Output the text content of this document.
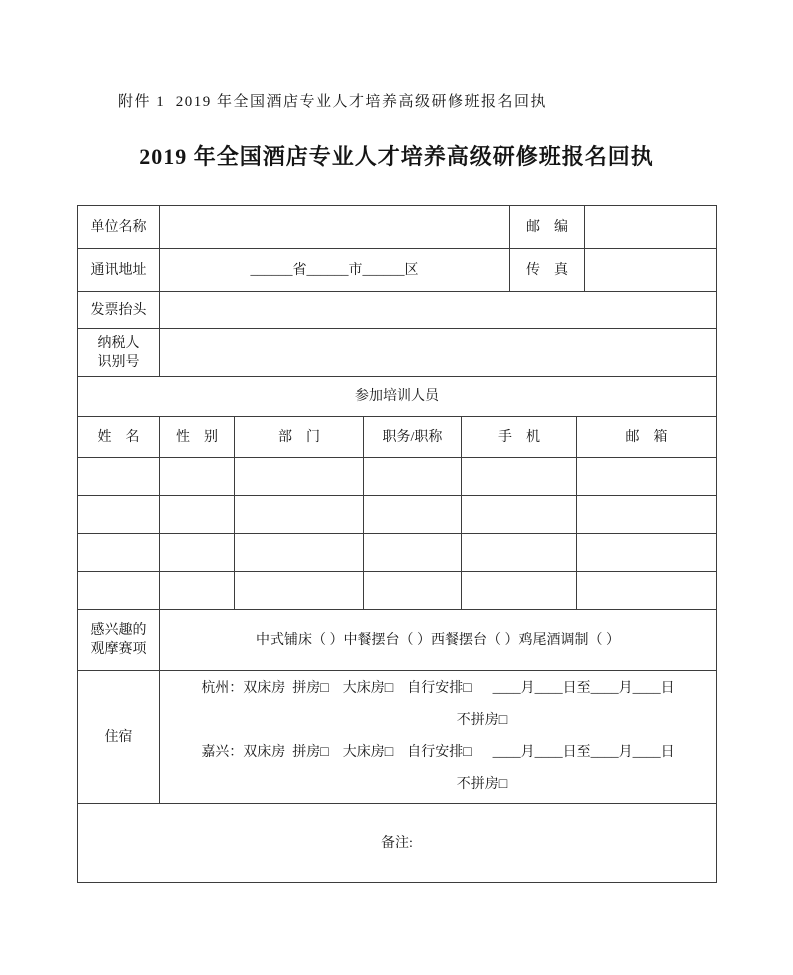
附件 1  2019 年全国酒店专业人才培养高级研修班报名回执
2019 年全国酒店专业人才培养高级研修班报名回执
单位名称					邮　编		
通讯地址	______省______市______区				传　真		
发票抬头							
纳税人
识别号							
参加培训人员							
姓　名	性　别	部　门	职务/职称	手　机		邮　箱	

感兴趣的
观摩赛项	中式铺床（ ）中餐摆台（ ）西餐摆台（ ）鸡尾酒调制（ ）						
住宿	杭州：双床房  拼房□    大床房□    自行安排□      ____月____日至____月____日
不拼房□
嘉兴：双床房  拼房□    大床房□    自行安排□      ____月____日至____月____日
不拼房□						

备注:							
